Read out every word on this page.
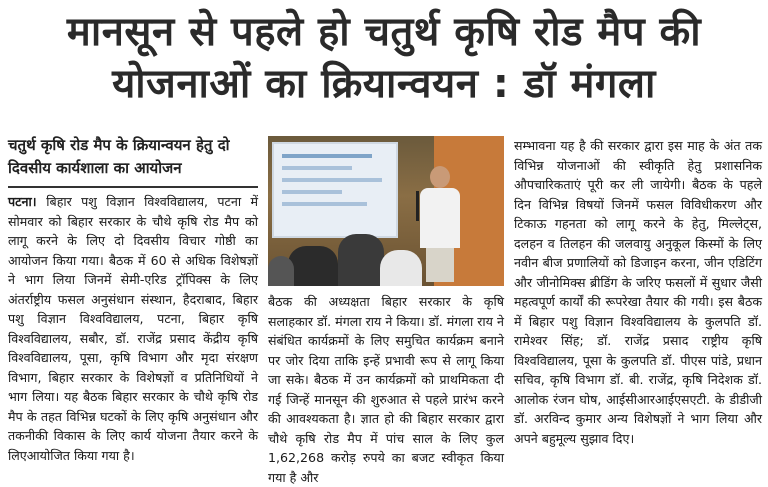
मानसून से पहले हो चतुर्थ कृषि रोड मैप की
योजनाओं का क्रियान्वयन : डॉ मंगला
चतुर्थ कृषि रोड मैप के क्रियान्वयन हेतु दो दिवसीय कार्यशाला का आयोजन
पटना। बिहार पशु विज्ञान विश्वविद्यालय, पटना में सोमवार को बिहार सरकार के चौथे कृषि रोड मैप को लागू करने के लिए दो दिवसीय विचार गोष्ठी का आयोजन किया गया। बैठक में 60 से अधिक विशेषज्ञों ने भाग लिया जिनमें सेमी-एरिड ट्रॉपिक्स के लिए अंतर्राष्ट्रीय फसल अनुसंधान संस्थान, हैदराबाद, बिहार पशु विज्ञान विश्वविद्यालय, पटना, बिहार कृषि विश्वविद्यालय, सबौर, डॉ. राजेंद्र प्रसाद केंद्रीय कृषि विश्वविद्यालय, पूसा, कृषि विभाग और मृदा संरक्षण विभाग, बिहार सरकार के विशेषज्ञों व प्रतिनिधियों ने भाग लिया। यह बैठक बिहार सरकार के चौथे कृषि रोड मैप के तहत विभिन्न घटकों के लिए कृषि अनुसंधान और तकनीकी विकास के लिए कार्य योजना तैयार करने के लिएआयोजित किया गया है।

बैठक की अध्यक्षता बिहार सरकार के कृषि सलाहकार डॉ. मंगला राय ने किया। डॉ. मंगला राय ने संबंधित कार्यक्रमों के लिए समुचित कार्यक्रम बनाने पर जोर दिया ताकि इन्हें प्रभावी रूप से लागू किया जा सके। बैठक में उन कार्यक्रमों को प्राथमिकता दी गई जिन्हें मानसून की शुरुआत से पहले प्रारंभ करने की आवश्यकता है। ज्ञात हो की बिहार सरकार द्वारा चौथे कृषि रोड मैप में पांच साल के लिए कुल 1,62,268 करोड़ रुपये का बजट स्वीकृत किया गया है और

सम्भावना यह है की सरकार द्वारा इस माह के अंत तक विभिन्न योजनाओं की स्वीकृति हेतु प्रशासनिक औपचारिकताएं पूरी कर ली जायेगी। बैठक के पहले दिन विभिन्न विषयों जिनमें फसल विविधीकरण और टिकाऊ गहनता को लागू करने के हेतु, मिल्लेट्स, दलहन व तिलहन की जलवायु अनुकूल किस्मों के लिए नवीन बीज प्रणालियों को डिजाइन करना, जीन एडिटिंग और जीनोमिक्स ब्रीडिंग के जरिए फसलों में सुधार जैसी महत्वपूर्ण कार्यों की रूपरेखा तैयार की गयी। इस बैठक में बिहार पशु विज्ञान विश्वविद्यालय के कुलपति डॉ. रामेश्वर सिंह; डॉ. राजेंद्र प्रसाद राष्ट्रीय कृषि विश्वविद्यालय, पूसा के कुलपति डॉ. पीएस पांडे, प्रधान सचिव, कृषि विभाग डॉ. बी. राजेंद्र, कृषि निदेशक डॉ. आलोक रंजन घोष, आईसीआरआईएसएटी. के डीडीजी डॉ. अरविन्द कुमार अन्य विशेषज्ञों ने भाग लिया और अपने बहुमूल्य सुझाव दिए।
